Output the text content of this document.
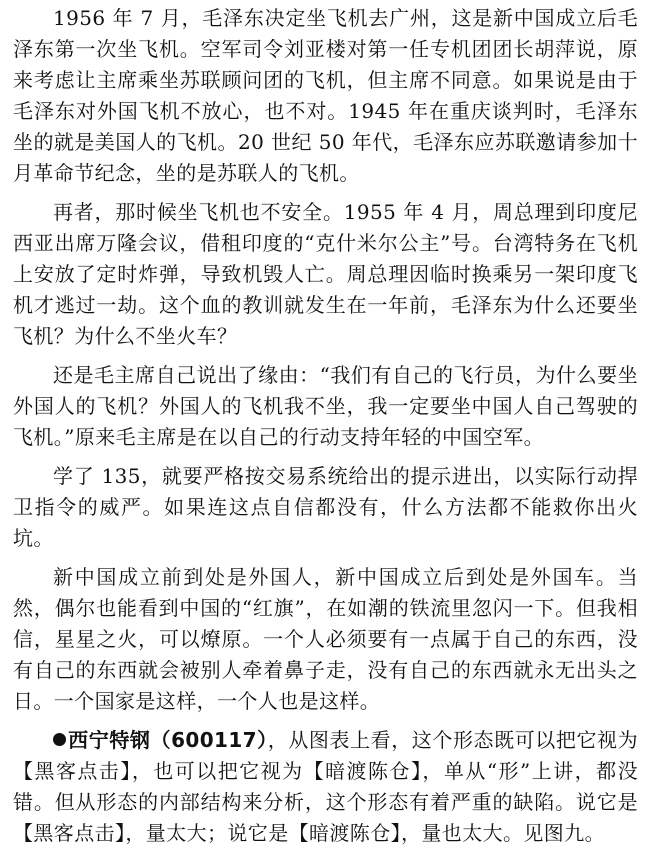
1956 年 7 月，毛泽东决定坐飞机去广州，这是新中国成立后毛泽东第一次坐飞机。空军司令刘亚楼对第一任专机团团长胡萍说，原来考虑让主席乘坐苏联顾问团的飞机，但主席不同意。如果说是由于毛泽东对外国飞机不放心，也不对。1945 年在重庆谈判时，毛泽东坐的就是美国人的飞机。20 世纪 50 年代，毛泽东应苏联邀请参加十月革命节纪念，坐的是苏联人的飞机。

再者，那时候坐飞机也不安全。1955 年 4 月，周总理到印度尼西亚出席万隆会议，借租印度的“克什米尔公主”号。台湾特务在飞机上安放了定时炸弹，导致机毁人亡。周总理因临时换乘另一架印度飞机才逃过一劫。这个血的教训就发生在一年前，毛泽东为什么还要坐飞机？为什么不坐火车？

还是毛主席自己说出了缘由：“我们有自己的飞行员，为什么要坐外国人的飞机？外国人的飞机我不坐，我一定要坐中国人自己驾驶的飞机。”原来毛主席是在以自己的行动支持年轻的中国空军。

学了 135，就要严格按交易系统给出的提示进出，以实际行动捍卫指令的威严。如果连这点自信都没有，什么方法都不能救你出火坑。

新中国成立前到处是外国人，新中国成立后到处是外国车。当然，偶尔也能看到中国的“红旗”，在如潮的铁流里忽闪一下。但我相信，星星之火，可以燎原。一个人必须要有一点属于自己的东西，没有自己的东西就会被别人牵着鼻子走，没有自己的东西就永无出头之日。一个国家是这样，一个人也是这样。

西宁特钢（600117），从图表上看，这个形态既可以把它视为【黑客点击】，也可以把它视为【暗渡陈仓】，单从“形”上讲，都没错。但从形态的内部结构来分析，这个形态有着严重的缺陷。说它是【黑客点击】，量太大；说它是【暗渡陈仓】，量也太大。见图九。
